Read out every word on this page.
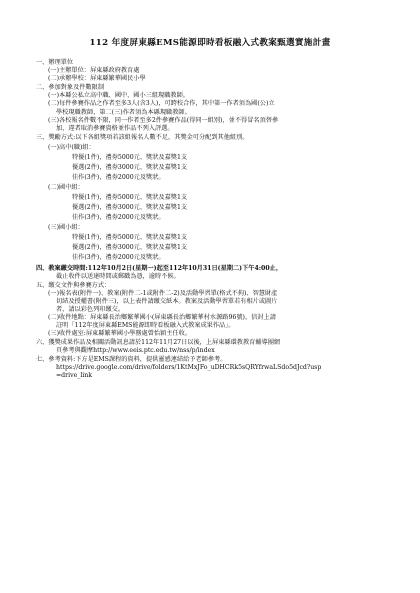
112 年度屏東縣EMS能源即時看板融入式教案甄選實施計畫
一、辦理單位
(一)主辦單位：屏東縣政府教育處
(二)承辦學校：屏東縣繁華國民小學
二、參加對象及件數限制
(一)本縣公私立高中職、國中、國小三組現職教師。
(二)每件參賽作品之作者至多3人(含3人)，可跨校合作，其中第一作者須為國(公)立
學校現職教師，第二(三)作者須為本縣現職教師。
(三)各校報名件數不限，同一作者至多2件參賽作品(得同一組別)，並不得冒名頂替參
加，違者取消參賽資格並作品不列入評選。
三、獎勵方式:以下各組獎項若該組報名人數不足，其獎金可分配到其他組別。
(一)高中(職)組：
特優(1件)，禮券5000元、獎狀及嘉獎1支
優選(2件)，禮券3000元、獎狀及嘉獎1支
佳作(3件)，禮券2000元及獎狀。
(二)國中組：
特優(1件)，禮券5000元、獎狀及嘉獎1支
優選(2件)，禮券3000元、獎狀及嘉獎1支
佳作(3件)，禮券2000元及獎狀。
(三)國小組：
特優(1件)，禮券5000元、獎狀及嘉獎1支
優選(2件)，禮券3000元、獎狀及嘉獎1支
佳作(3件)，禮券2000元及獎狀。
四、教案繳交時間:112年10月2日(星期一)起至112年10月31日(星期二)下午4:00止，
截止收件以送達時間或郵戳為憑，逾時不候。
五、繳交文件與參賽方式：
(一)報名表(附件一)、教案(附件二-1或附件二-2)及活動學習單(格式不拘)、智慧財產
切結及授權書(附件三)，以上表件請繳交紙本。教案及活動學習單若有相片或圖片
者，請以彩色列印繳交。
(二)收件地點：屏東縣長治鄉繁華國小(屏東縣長治鄉繁華村水源路96號)，信封上請
註明「112年度屏東縣EMS能源即時看板融入式教案成果作品」。
(三)收件處室:屏東縣繁華國小學務處曾怡穎主任收。
六、獲獎成果作品及相關活動訊息請於112年11月27日以後，上屏東縣環教教育輔導團網
頁參考與觀摩http://www.eeis.ptc.edu.tw/nss/p/index
七、參考資料:下方是EMS課程的資料，提供靈感連結給予老師參考。
https://drive.google.com/drive/folders/1KtMxJFo_uDHCRk5sQRYfrwaLSdo5dJcd?usp
=drive_link
